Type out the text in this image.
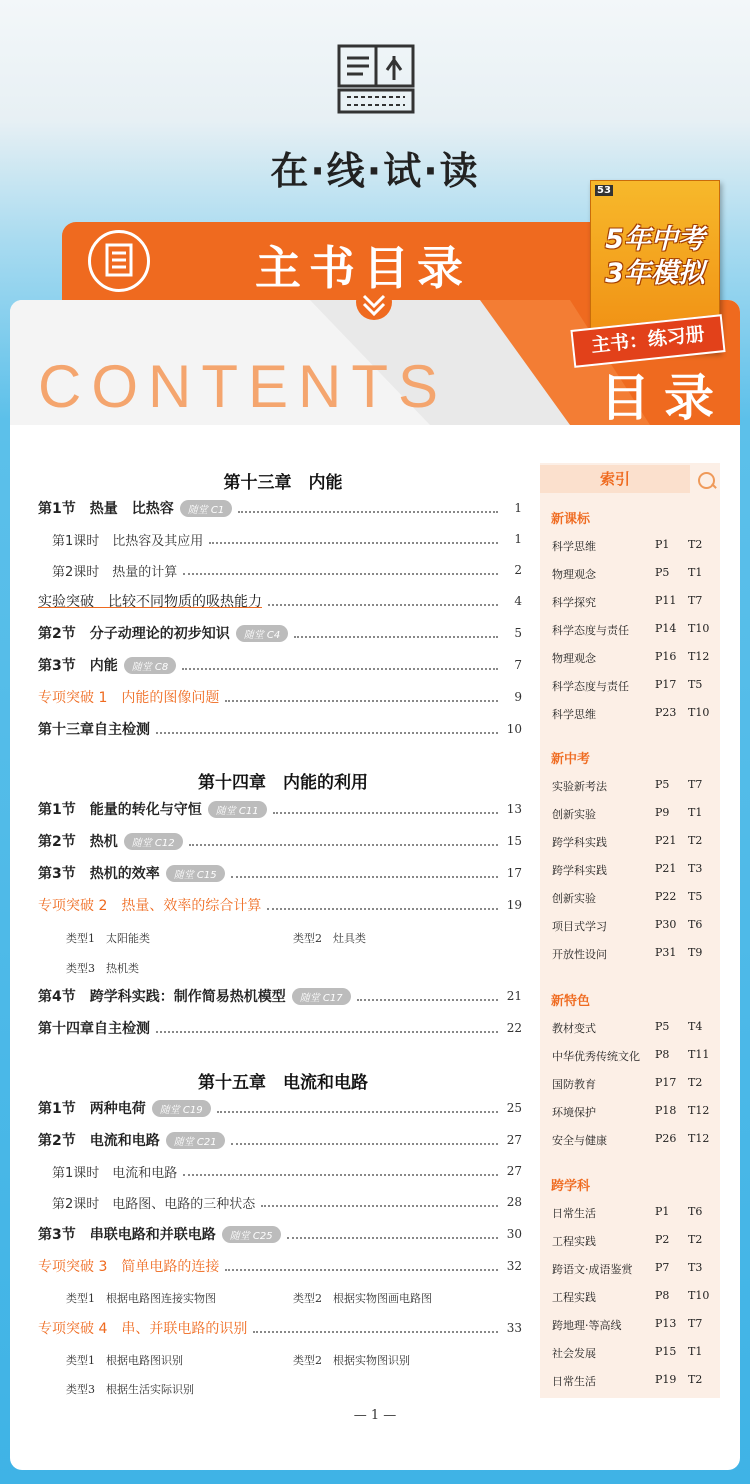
在·线·试·读
主书目录
CONTENTS	目录
53
5年中考
3年模拟
主书：练习册
第十三章　内能
第十四章　内能的利用
第十五章　电流和电路
第1节　热量　比热容	随堂 C1	1
第1课时　比热容及其应用	1
第2课时　热量的计算	2
实验突破　比较不同物质的吸热能力	4
第2节　分子动理论的初步知识	随堂 C4	5
第3节　内能	随堂 C8	7
专项突破 1　内能的图像问题	9
第十三章自主检测	10
第1节　能量的转化与守恒	随堂 C11	13
第2节　热机	随堂 C12	15
第3节　热机的效率	随堂 C15	17
专项突破 2　热量、效率的综合计算	19
类型1　太阳能类	类型2　灶具类
类型3　热机类
第4节　跨学科实践：制作简易热机模型	随堂 C17	21
第十四章自主检测	22
第1节　两种电荷	随堂 C19	25
第2节　电流和电路	随堂 C21	27
第1课时　电流和电路	27
第2课时　电路图、电路的三种状态	28
第3节　串联电路和并联电路	随堂 C25	30
专项突破 3　简单电路的连接	32
类型1　根据电路图连接实物图	类型2　根据实物图画电路图
专项突破 4　串、并联电路的识别	33
类型1　根据电路图识别	类型2　根据实物图识别
类型3　根据生活实际识别
— 1 —
索引
新课标
科学思维	P1 T2
物理观念	P5 T1
科学探究	P11 T7
科学态度与责任 P14 T10
物理观念	P16 T12
科学态度与责任 P17 T5
科学思维	P23 T10
新中考
实验新考法	P5 T7
创新实验	P9 T1
跨学科实践	P21 T2
跨学科实践	P21 T3
创新实验	P22 T5
项目式学习	P30 T6
开放性设问	P31 T9
新特色
教材变式	P5 T4
中华优秀传统文化 P8 T11
国防教育	P17 T2
环境保护	P18 T12
安全与健康	P26 T12
跨学科
日常生活	P1 T6
工程实践	P2 T2
跨语文·成语鉴赏 P7 T3
工程实践	P8 T10
跨地理·等高线	P13 T7
社会发展	P15 T1
日常生活	P19 T2
